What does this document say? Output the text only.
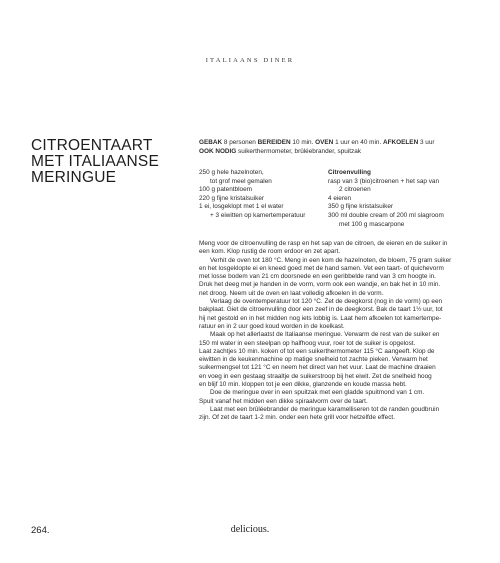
ITALIAANS DINER
CITROENTAART
MET ITALIAANSE
MERINGUE
GEBAK 8 personen BEREIDEN 10 min. OVEN 1 uur en 40 min. AFKOELEN 3 uur
OOK NODIG suikerthermometer, brûléebrander, spuitzak
250 g hele hazelnoten,
tot grof meel gemalen
100 g patentbloem
220 g fijne kristalsuiker
1 ei, losgeklopt met 1 el water
+ 3 eiwitten op kamertemperatuur
Citroenvulling
rasp van 3 (bio)citroenen + het sap van
2 citroenen
4 eieren
350 g fijne kristalsuiker
300 ml double cream of 200 ml slagroom
met 100 g mascarpone

Meng voor de citroenvulling de rasp en het sap van de citroen, de eieren en de suiker in
een kom. Klop rustig de room erdoor en zet apart.

Verhit de oven tot 180 °C. Meng in een kom de hazelnoten, de bloem, 75 gram suiker
en het losgeklopte ei en kneed goed met de hand samen. Vet een taart- of quichevorm
met losse bodem van 21 cm doorsnede en een geribbelde rand van 3 cm hoogte in.
Druk het deeg met je handen in de vorm, vorm ook een wandje, en bak het in 10 min.
net droog. Neem uit de oven en laat volledig afkoelen in de vorm.

Verlaag de oventemperatuur tot 120 °C. Zet de deegkorst (nog in de vorm) op een
bakplaat. Giet de citroenvulling door een zeef in de deegkorst. Bak de taart 1½ uur, tot
hij net gestold en in het midden nog iets lobbig is. Laat hem afkoelen tot kamertempe-
ratuur en in 2 uur goed koud worden in de koelkast.

Maak op het allerlaatst de Italiaanse meringue. Verwarm de rest van de suiker en
150 ml water in een steelpan op halfhoog vuur, roer tot de suiker is opgelost.
Laat zachtjes 10 min. koken of tot een suikerthermometer 115 °C aangeeft. Klop de
eiwitten in de keukenmachine op matige snelheid tot zachte pieken. Verwarm het
suikermengsel tot 121 °C en neem het direct van het vuur. Laat de machine draaien
en voeg in een gestaag straaltje de suikerstroop bij het eiwit. Zet de snelheid hoog
en blijf 10 min. kloppen tot je een dikke, glanzende en koude massa hebt.

Doe de meringue over in een spuitzak met een gladde spuitmond van 1 cm.
Spuit vanaf het midden een dikke spiraalvorm over de taart.

Laat met een brûléebrander de meringue karamelliseren tot de randen goudbruin
zijn. Of zet de taart 1-2 min. onder een hete grill voor hetzelfde effect.

264.	delicious.
